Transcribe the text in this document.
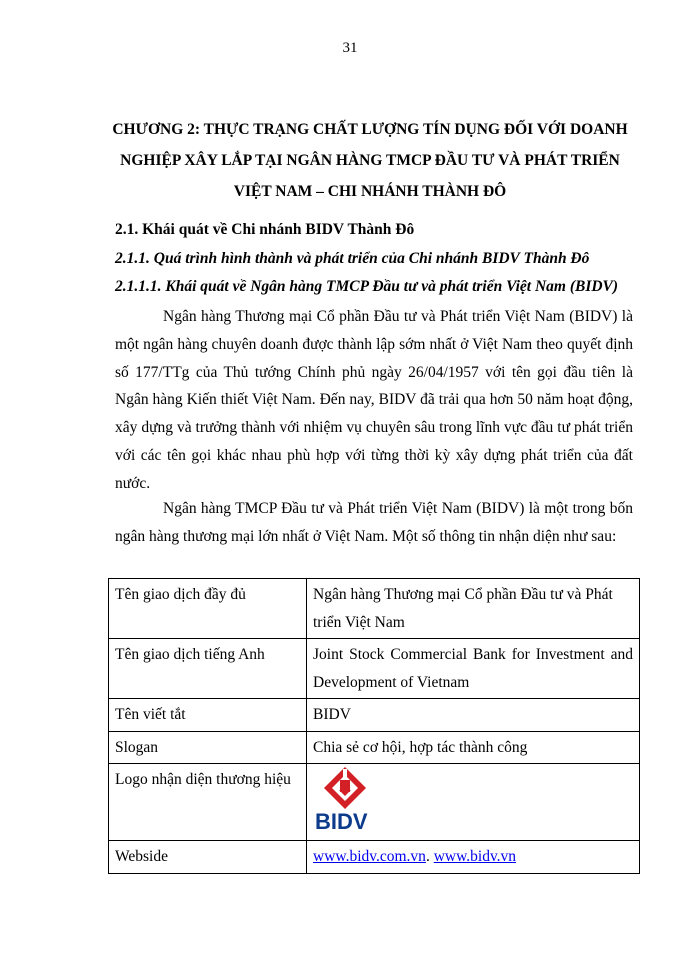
31
CHƯƠNG 2: THỰC TRẠNG CHẤT LƯỢNG TÍN DỤNG ĐỐI VỚI DOANH NGHIỆP XÂY LẮP TẠI NGÂN HÀNG TMCP ĐẦU TƯ VÀ PHÁT TRIỂN VIỆT NAM – CHI NHÁNH THÀNH ĐÔ
2.1. Khái quát về Chi nhánh BIDV Thành Đô
2.1.1. Quá trình hình thành và phát triển của Chi nhánh BIDV Thành Đô
2.1.1.1. Khái quát về Ngân hàng TMCP Đầu tư và phát triển Việt Nam (BIDV)

Ngân hàng Thương mại Cổ phần Đầu tư và Phát triển Việt Nam (BIDV) là một ngân hàng chuyên doanh được thành lập sớm nhất ở Việt Nam theo quyết định số 177/TTg của Thủ tướng Chính phủ ngày 26/04/1957 với tên gọi đầu tiên là Ngân hàng Kiến thiết Việt Nam. Đến nay, BIDV đã trải qua hơn 50 năm hoạt động, xây dựng và trưởng thành với nhiệm vụ chuyên sâu trong lĩnh vực đầu tư phát triển với các tên gọi khác nhau phù hợp với từng thời kỳ xây dựng phát triển của đất nước.

Ngân hàng TMCP Đầu tư và Phát triển Việt Nam (BIDV) là một trong bốn ngân hàng thương mại lớn nhất ở Việt Nam. Một số thông tin nhận diện như sau:

Tên giao dịch đầy đủ	Ngân hàng Thương mại Cổ phần Đầu tư và Phát triển Việt Nam
Tên giao dịch tiếng Anh	Joint Stock Commercial Bank for Investment and Development of Vietnam
Tên viết tắt	BIDV
Slogan	Chia sẻ cơ hội, hợp tác thành công
Logo nhận diện thương hiệu	BIDV

Webside	www.bidv.com.vn. www.bidv.vn
